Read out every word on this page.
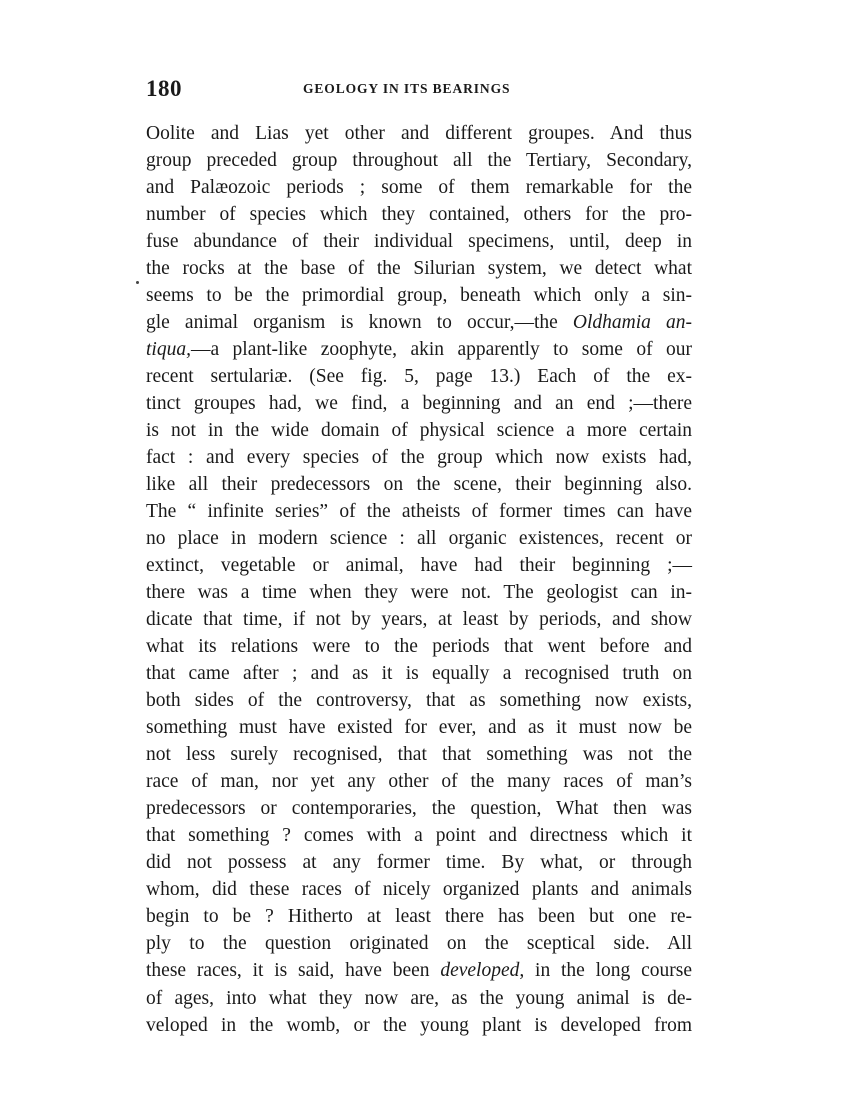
180	GEOLOGY IN ITS BEARINGS
Oolite and Lias yet other and different groupes. And thus
group preceded group throughout all the Tertiary, Secondary,
and Palæozoic periods ; some of them remarkable for the
number of species which they contained, others for the pro-
fuse abundance of their individual specimens, until, deep in
the rocks at the base of the Silurian system, we detect what
seems to be the primordial group, beneath which only a sin-
gle animal organism is known to occur,—the Oldhamia an-
tiqua,—a plant-like zoophyte, akin apparently to some of our
recent sertulariæ. (See fig. 5, page 13.) Each of the ex-
tinct groupes had, we find, a beginning and an end ;—there
is not in the wide domain of physical science a more certain
fact : and every species of the group which now exists had,
like all their predecessors on the scene, their beginning also.
The “ infinite series” of the atheists of former times can have
no place in modern science : all organic existences, recent or
extinct, vegetable or animal, have had their beginning ;—
there was a time when they were not. The geologist can in-
dicate that time, if not by years, at least by periods, and show
what its relations were to the periods that went before and
that came after ; and as it is equally a recognised truth on
both sides of the controversy, that as something now exists,
something must have existed for ever, and as it must now be
not less surely recognised, that that something was not the
race of man, nor yet any other of the many races of man’s
predecessors or contemporaries, the question, What then was
that something ? comes with a point and directness which it
did not possess at any former time. By what, or through
whom, did these races of nicely organized plants and animals
begin to be ? Hitherto at least there has been but one re-
ply to the question originated on the sceptical side. All
these races, it is said, have been developed, in the long course
of ages, into what they now are, as the young animal is de-
veloped in the womb, or the young plant is developed from
